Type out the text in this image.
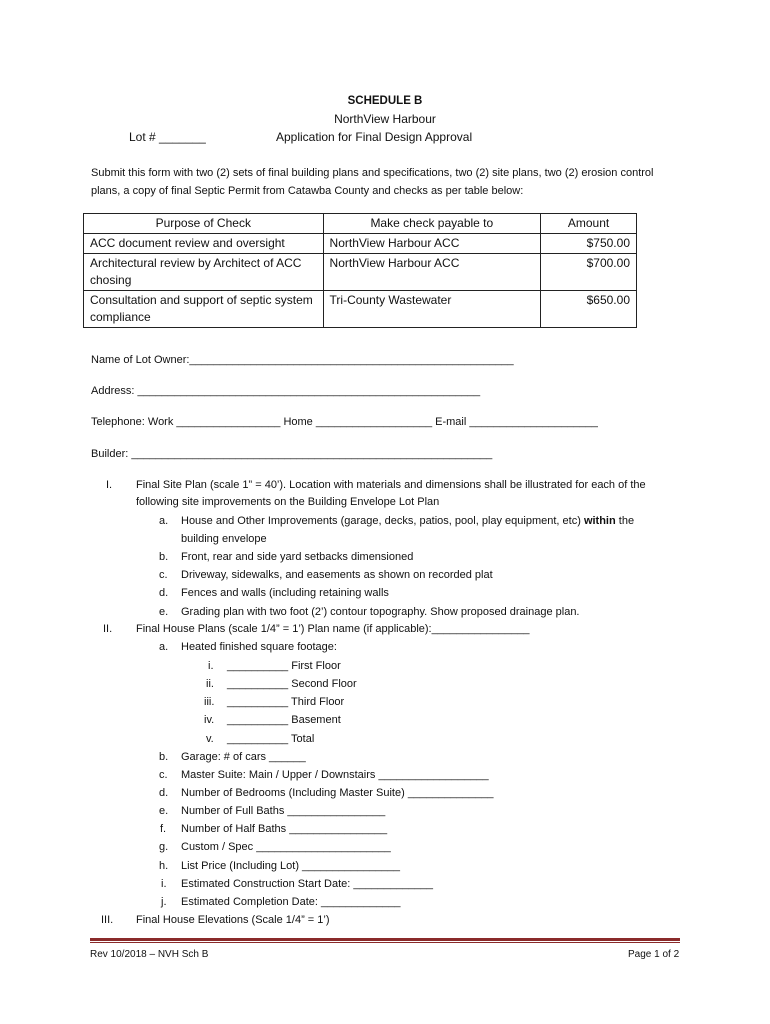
SCHEDULE B
NorthView Harbour
Lot # _______	Application for Final Design Approval
Submit this form with two (2) sets of final building plans and specifications, two (2) site plans, two (2) erosion control plans, a copy of final Septic Permit from Catawba County and checks as per table below:
Purpose of Check	Make check payable to	Amount
ACC document review and oversight	NorthView Harbour ACC	$750.00
Architectural review by Architect of ACC chosing	NorthView Harbour ACC	$700.00
Consultation and support of septic system compliance	Tri-County Wastewater	$650.00
Name of Lot Owner:_____________________________________________________
Address: ________________________________________________________
Telephone: Work _________________ Home ___________________ E-mail _____________________
Builder: ___________________________________________________________
I. Final Site Plan (scale 1” = 40’). Location with materials and dimensions shall be illustrated for each of the
following site improvements on the Building Envelope Lot Plan
a. House and Other Improvements (garage, decks, patios, pool, play equipment, etc) within the
building envelope
b. Front, rear and side yard setbacks dimensioned
c. Driveway, sidewalks, and easements as shown on recorded plat
d. Fences and walls (including retaining walls
e. Grading plan with two foot (2’) contour topography. Show proposed drainage plan.
II. Final House Plans (scale 1/4” = 1’) Plan name (if applicable):________________
a. Heated finished square footage:
i. __________ First Floor
ii. __________ Second Floor
iii. __________ Third Floor
iv. __________ Basement
v. __________ Total
b. Garage: # of cars ______
c. Master Suite: Main / Upper / Downstairs __________________
d. Number of Bedrooms (Including Master Suite) ______________
e. Number of Full Baths ________________
f. Number of Half Baths ________________
g. Custom / Spec ______________________
h. List Price (Including Lot) ________________
i. Estimated Construction Start Date: _____________
j. Estimated Completion Date: _____________
III. Final House Elevations (Scale 1/4” = 1’)
Rev 10/2018 – NVH Sch B	Page 1 of 2
